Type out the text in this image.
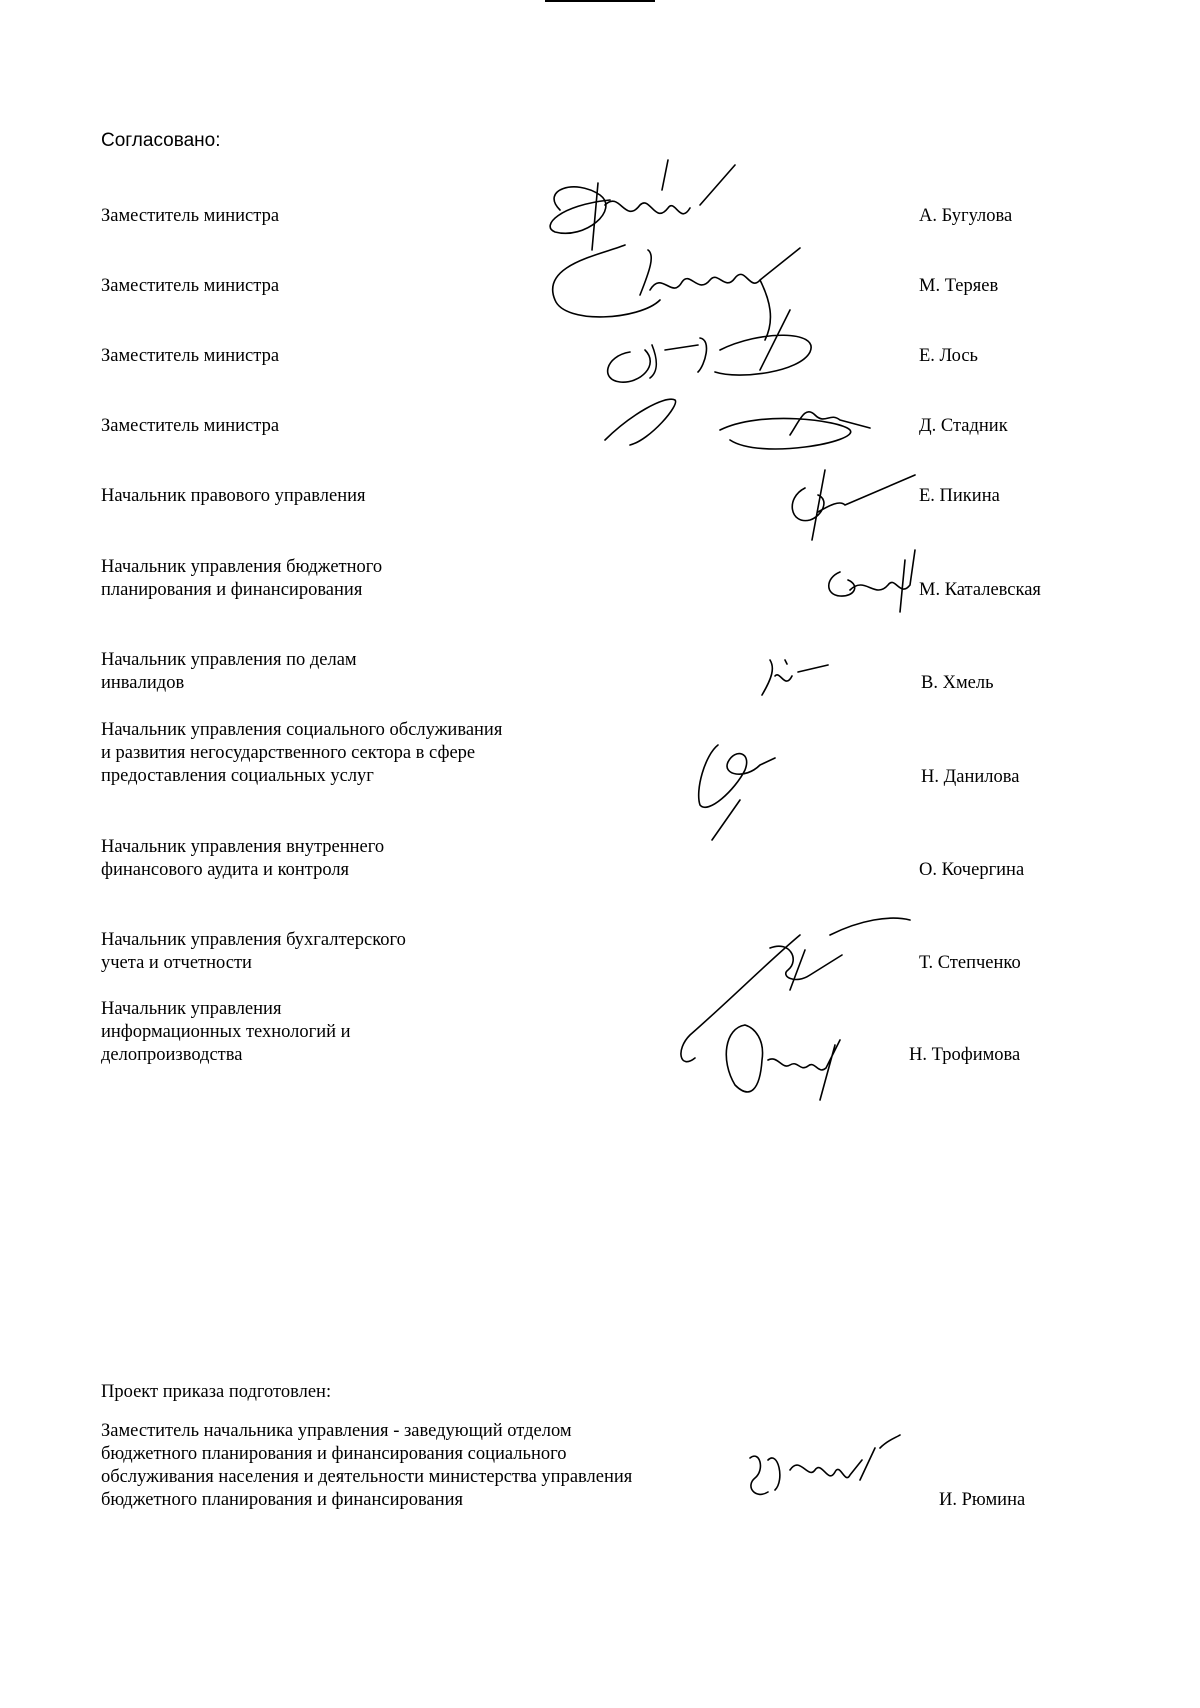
Согласовано:
Заместитель министра	А. Бугулова
Заместитель министра	М. Теряев
Заместитель министра	Е. Лось
Заместитель министра	Д. Стадник
Начальник правового управления	Е. Пикина
Начальник управления бюджетного
планирования и финансирования	М. Каталевская
Начальник управления по делам
инвалидов	В. Хмель
Начальник управления социального обслуживания
и развития негосударственного сектора в сфере
предоставления социальных услуг	Н. Данилова
Начальник управления внутреннего
финансового аудита и контроля	О. Кочергина
Начальник управления бухгалтерского
учета и отчетности	Т. Степченко
Начальник управления
информационных технологий и
делопроизводства	Н. Трофимова
Проект приказа подготовлен:
Заместитель начальника управления - заведующий отделом
бюджетного планирования и финансирования социального
обслуживания населения и деятельности министерства управления
бюджетного планирования и финансирования	И. Рюмина
